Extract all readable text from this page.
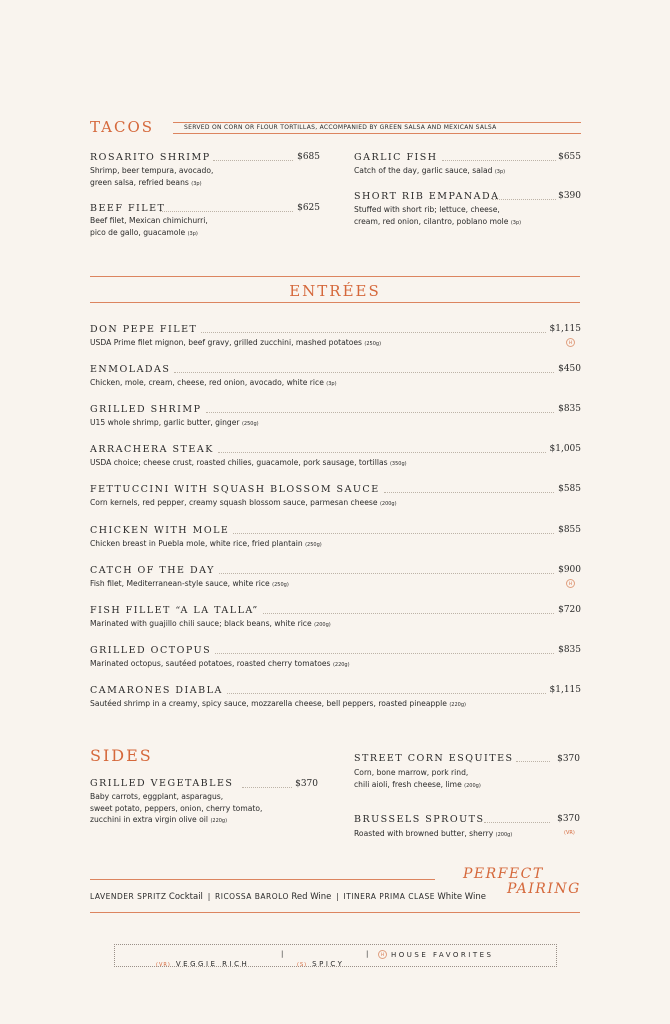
TACOS	SERVED ON CORN OR FLOUR TORTILLAS, ACCOMPANIED BY GREEN SALSA AND MEXICAN SALSA
ROSARITO SHRIMP	$685
Shrimp, beer tempura, avocado,
green salsa, refried beans (3p)
BEEF FILET	$625
Beef filet, Mexican chimichurri,
pico de gallo, guacamole (3p)
GARLIC FISH	$655
Catch of the day, garlic sauce, salad (3p)
SHORT RIB EMPANADA	$390
Stuffed with short rib; lettuce, cheese,
cream, red onion, cilantro, poblano mole (3p)
ENTRÉES
DON PEPE FILET	$1,115
USDA Prime filet mignon, beef gravy, grilled zucchini, mashed potatoes (250g)	H
ENMOLADAS	$450
Chicken, mole, cream, cheese, red onion, avocado, white rice (3p)
GRILLED SHRIMP	$835
U15 whole shrimp, garlic butter, ginger (250g)
ARRACHERA STEAK	$1,005
USDA choice; cheese crust, roasted chilies, guacamole, pork sausage, tortillas (350g)
FETTUCCINI WITH SQUASH BLOSSOM SAUCE	$585
Corn kernels, red pepper, creamy squash blossom sauce, parmesan cheese (200g)
CHICKEN WITH MOLE	$855
Chicken breast in Puebla mole, white rice, fried plantain (250g)
CATCH OF THE DAY	$900
Fish filet, Mediterranean-style sauce, white rice (250g)	H
FISH FILLET “A LA TALLA”	$720
Marinated with guajillo chili sauce; black beans, white rice (200g)
GRILLED OCTOPUS	$835
Marinated octopus, sautéed potatoes, roasted cherry tomatoes (220g)
CAMARONES DIABLA	$1,115
Sautéed shrimp in a creamy, spicy sauce, mozzarella cheese, bell peppers, roasted pineapple (220g)
SIDES
GRILLED VEGETABLES	$370
Baby carrots, eggplant, asparagus,
sweet potato, peppers, onion, cherry tomato,
zucchini in extra virgin olive oil (220g)
STREET CORN ESQUITES	$370
Corn, bone marrow, pork rind,
chili aioli, fresh cheese, lime (200g)
BRUSSELS SPROUTS	$370
Roasted with browned butter, sherry (200g)	(VR)
PERFECT
PAIRING
LAVENDER SPRITZ Cocktail | RICOSSA BAROLO Red Wine | ITINERA PRIMA CLASE White Wine
(VR) VEGGIE RICH
|
(S) SPICY
|	H	HOUSE FAVORITES
